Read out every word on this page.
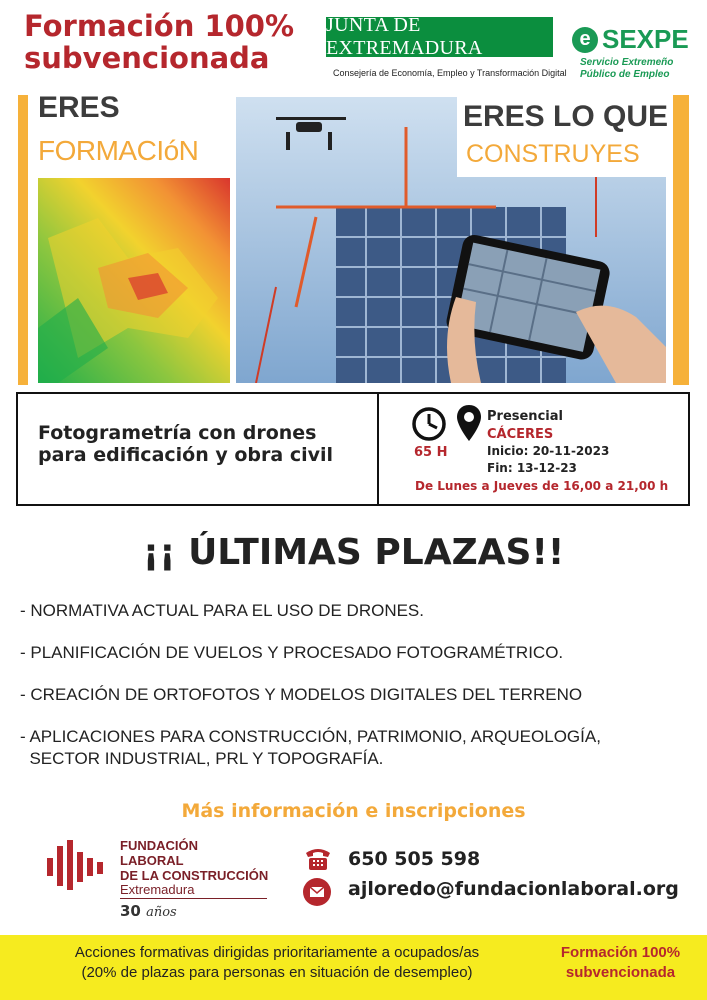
Formación 100%
subvencionada
JUNTA DE EXTREMADURA
Consejería de Economía, Empleo y Transformación Digital
e SEXPE
Servicio Extremeño
Público de Empleo
ERES
FORMACIóN
ERES LO QUE
CONSTRUYES
Fotogrametría con drones
para edificación y obra civil	65 H
Presencial
CÁCERES
Inicio: 20-11-2023
Fin: 13-12-23
De Lunes a Jueves de 16,00 a 21,00 h
¡¡ ÚLTIMAS PLAZAS!!
- NORMATIVA ACTUAL PARA EL USO DE DRONES.
- PLANIFICACIÓN DE VUELOS Y PROCESADO FOTOGRAMÉTRICO.
- CREACIÓN DE ORTOFOTOS Y MODELOS DIGITALES DEL TERRENO
- APLICACIONES PARA CONSTRUCCIÓN, PATRIMONIO, ARQUEOLOGÍA,
SECTOR INDUSTRIAL, PRL Y TOPOGRAFÍA.
Más información e inscripciones
FUNDACIÓN
LABORAL
DE LA CONSTRUCCIÓN
Extremadura
30 años
650 505 598
ajloredo@fundacionlaboral.org
Acciones formativas dirigidas prioritariamente a ocupados/as
(20% de plazas para personas en situación de desempleo)
Formación 100%
subvencionada
